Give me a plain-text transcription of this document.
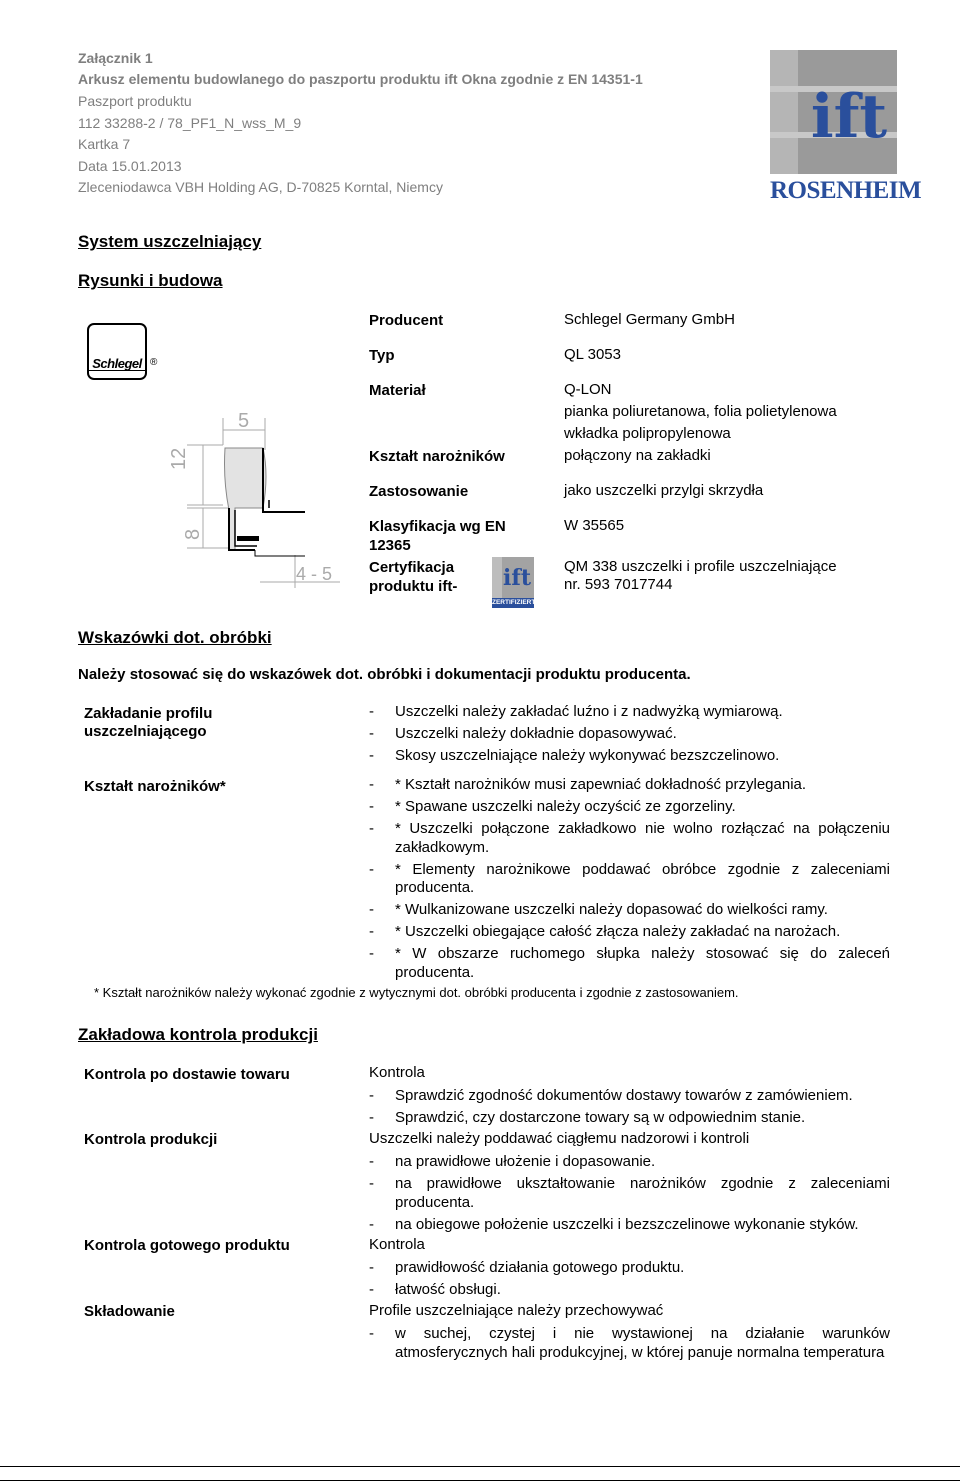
Załącznik 1
Arkusz elementu budowlanego do paszportu produktu ift Okna zgodnie z EN 14351-1
Paszport produktu
112 33288-2 / 78_PF1_N_wss_M_9
Kartka 7
Data 15.01.2013
Zleceniodawca VBH Holding AG, D-70825 Korntal, Niemcy
ift
ROSENHEIM
System uszczelniający
Rysunki i budowa
Schlegel ®
5
12
8
4 - 5
Producent	Schlegel Germany GmbH
Typ	QL 3053
Materiał	Q-LON
pianka poliuretanowa, folia polietylenowa
wkładka polipropylenowa
Kształt narożników	połączony na zakładki
Zastosowanie	jako uszczelki przylgi skrzydła
Klasyfikacja wg EN
12365
W 35565
Certyfikacja
produktu ift-
QM 338 uszczelki i profile uszczelniające
nr. 593 7017744
ift
ZERTIFIZIERT
Wskazówki dot. obróbki
Należy stosować się do wskazówek dot. obróbki i dokumentacji produktu producenta.
Zakładanie profilu
uszczelniającego
- Uszczelki należy zakładać luźno i z nadwyżką wymiarową.
- Uszczelki należy dokładnie dopasowywać.
- Skosy uszczelniające należy wykonywać bezszczelinowo.
Kształt narożników*
-	* Kształt narożników musi zapewniać dokładność przylegania.
- * Spawane uszczelki należy oczyścić ze zgorzeliny.
- * Uszczelki połączone zakładkowo nie wolno rozłączać na połączeniu zakładkowym.
- * Elementy narożnikowe poddawać obróbce zgodnie z zaleceniami producenta.
- * Wulkanizowane uszczelki należy dopasować do wielkości ramy.
- * Uszczelki obiegające całość złącza należy zakładać na narożach.
- * W obszarze ruchomego słupka należy stosować się do zaleceń producenta.
* Kształt narożników należy wykonać zgodnie z wytycznymi dot. obróbki producenta i zgodnie z zastosowaniem.
Zakładowa kontrola produkcji
Kontrola po dostawie towaru	Kontrola
- Sprawdzić zgodność dokumentów dostawy towarów z zamówieniem.
- Sprawdzić, czy dostarczone towary są w odpowiednim stanie.
Kontrola produkcji	Uszczelki należy poddawać ciągłemu nadzorowi i kontroli
- na prawidłowe ułożenie i dopasowanie.
- na prawidłowe ukształtowanie narożników zgodnie z zaleceniami producenta.
- na obiegowe położenie uszczelki i bezszczelinowe wykonanie styków.
Kontrola gotowego produktu	Kontrola
- prawidłowość działania gotowego produktu.
- łatwość obsługi.
Składowanie	Profile uszczelniające należy przechowywać
- w suchej, czystej i nie wystawionej na działanie warunków atmosferycznych hali produkcyjnej, w której panuje normalna temperatura
